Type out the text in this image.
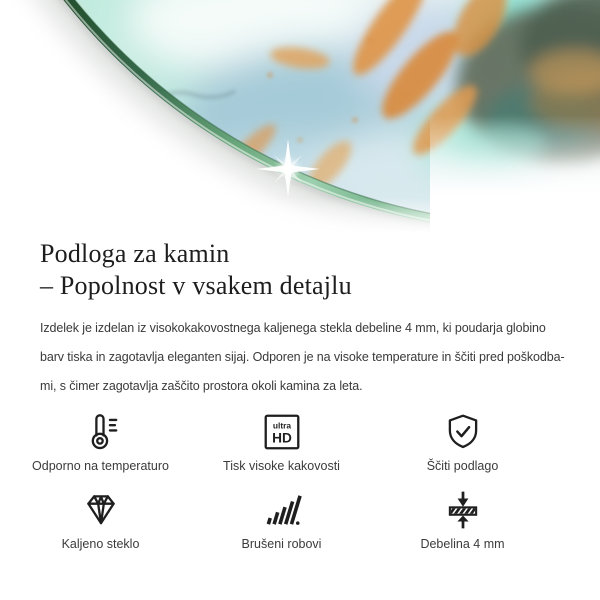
Podloga za kamin
– Popolnost v vsakem detajlu

Izdelek je izdelan iz visokokakovostnega kaljenega stekla debeline 4 mm, ki poudarja globino
barv tiska in zagotavlja eleganten sijaj. Odporen je na visoke temperature in ščiti pred poškodba-
mi, s čimer zagotavlja zaščito prostora okoli kamina za leta.

Odporno na temperaturo
ultra
HD
Tisk visoke kakovosti	Ščiti podlago
Kaljeno steklo	Brušeni robovi	Debelina 4 mm
